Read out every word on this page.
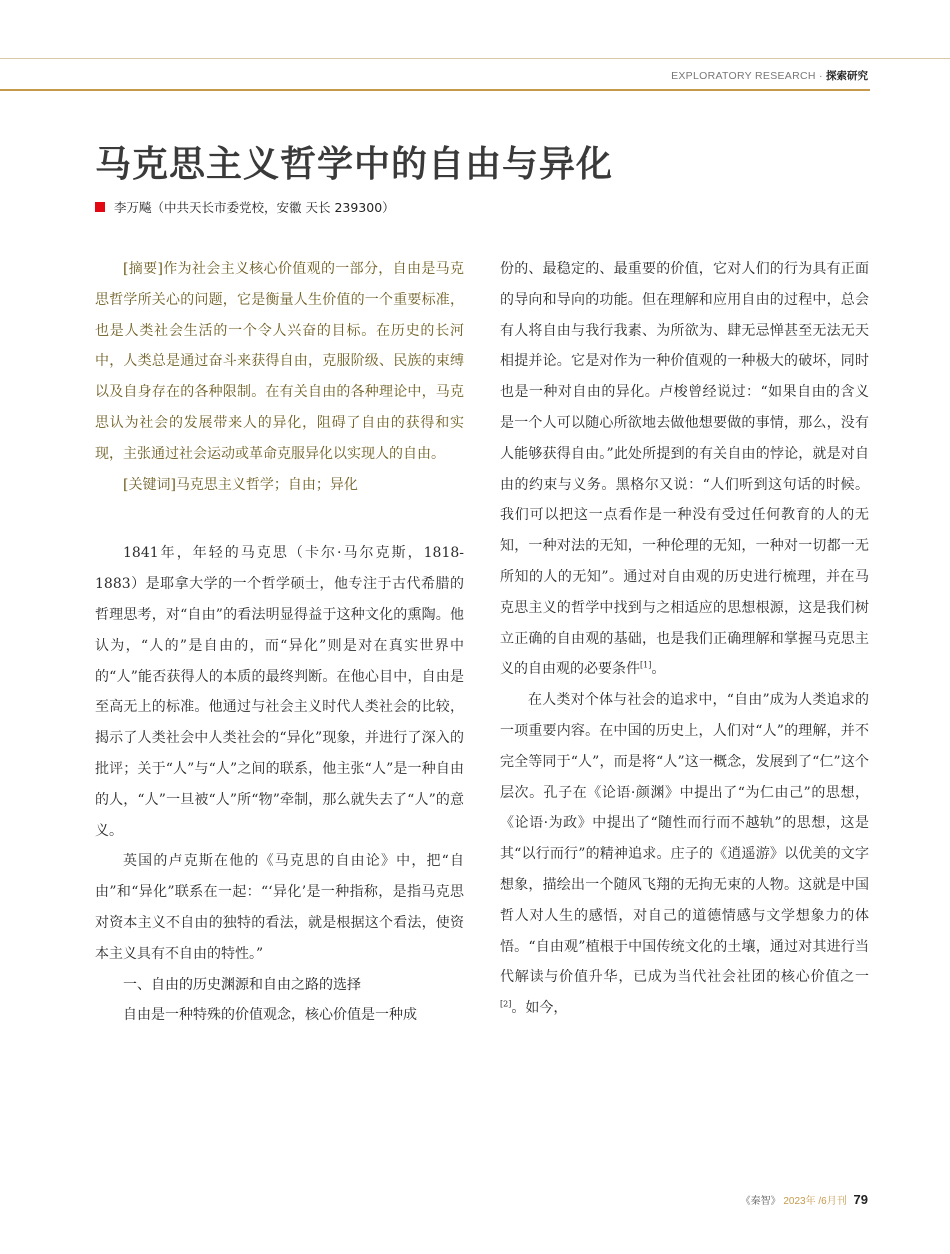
EXPLORATORY RESEARCH · 探索研究
马克思主义哲学中的自由与异化
李万飚（中共天长市委党校，安徽 天长 239300）

[摘要]作为社会主义核心价值观的一部分，自由是马克思哲学所关心的问题，它是衡量人生价值的一个重要标准，也是人类社会生活的一个令人兴奋的目标。在历史的长河中，人类总是通过奋斗来获得自由，克服阶级、民族的束缚以及自身存在的各种限制。在有关自由的各种理论中，马克思认为社会的发展带来人的异化，阻碍了自由的获得和实现，主张通过社会运动或革命克服异化以实现人的自由。

[关键词]马克思主义哲学；自由；异化

1841年，年轻的马克思（卡尔·马尔克斯，1818-1883）是耶拿大学的一个哲学硕士，他专注于古代希腊的哲理思考，对“自由”的看法明显得益于这种文化的熏陶。他认为，“人的”是自由的，而“异化”则是对在真实世界中的“人”能否获得人的本质的最终判断。在他心目中，自由是至高无上的标准。他通过与社会主义时代人类社会的比较，揭示了人类社会中人类社会的“异化”现象，并进行了深入的批评；关于“人”与“人”之间的联系，他主张“人”是一种自由的人，“人”一旦被“人”所“物”牵制，那么就失去了“人”的意义。

英国的卢克斯在他的《马克思的自由论》中，把“自由”和“异化”联系在一起：“‘异化’是一种指称，是指马克思对资本主义不自由的独特的看法，就是根据这个看法，使资本主义具有不自由的特性。”

一、自由的历史渊源和自由之路的选择

自由是一种特殊的价值观念，核心价值是一种成

份的、最稳定的、最重要的价值，它对人们的行为具有正面的导向和导向的功能。但在理解和应用自由的过程中，总会有人将自由与我行我素、为所欲为、肆无忌惮甚至无法无天相提并论。它是对作为一种价值观的一种极大的破坏，同时也是一种对自由的异化。卢梭曾经说过：“如果自由的含义是一个人可以随心所欲地去做他想要做的事情，那么，没有人能够获得自由。”此处所提到的有关自由的悖论，就是对自由的约束与义务。黑格尔又说：“人们听到这句话的时候。我们可以把这一点看作是一种没有受过任何教育的人的无知，一种对法的无知，一种伦理的无知，一种对一切都一无所知的人的无知”。通过对自由观的历史进行梳理，并在马克思主义的哲学中找到与之相适应的思想根源，这是我们树立正确的自由观的基础，也是我们正确理解和掌握马克思主义的自由观的必要条件[1]。

在人类对个体与社会的追求中，“自由”成为人类追求的一项重要内容。在中国的历史上，人们对“人”的理解，并不完全等同于“人”，而是将“人”这一概念，发展到了“仁”这个层次。孔子在《论语·颜渊》中提出了“为仁由己”的思想，《论语·为政》中提出了“随性而行而不越轨”的思想，这是其“以行而行”的精神追求。庄子的《逍遥游》以优美的文字想象，描绘出一个随风飞翔的无拘无束的人物。这就是中国哲人对人生的感悟，对自己的道德情感与文学想象力的体悟。“自由观”植根于中国传统文化的土壤，通过对其进行当代解读与价值升华，已成为当代社会社团的核心价值之一[2]。如今，

《秦智》 2023年 /6月刊 79
